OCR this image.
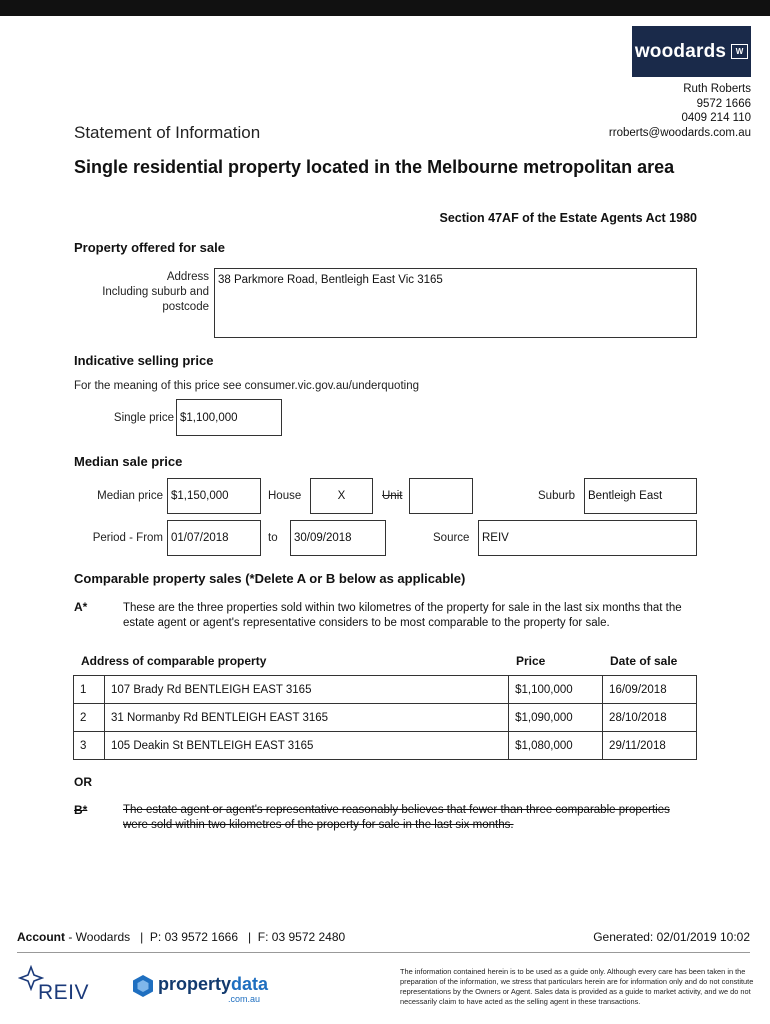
woodards	W
Ruth Roberts
9572 1666
0409 214 110
rroberts@woodards.com.au
Statement of Information
Single residential property located in the Melbourne metropolitan area
Section 47AF of the Estate Agents Act 1980
Property offered for sale
Address
Including suburb and
postcode
38 Parkmore Road, Bentleigh East Vic 3165
Indicative selling price
For the meaning of this price see consumer.vic.gov.au/underquoting
Single price $1,100,000
Median sale price
Median price $1,150,000	House	X	Unit	Suburb	Bentleigh East
Period - From 01/07/2018	to	30/09/2018	Source	REIV
Comparable property sales (*Delete A or B below as applicable)
A*	These are the three properties sold within two kilometres of the property for sale in the last six months that the estate agent or agent's representative considers to be most comparable to the property for sale.
Address of comparable property	Price	Date of sale
1	107 Brady Rd BENTLEIGH EAST 3165	$1,100,000	16/09/2018
2	31 Normanby Rd BENTLEIGH EAST 3165	$1,090,000	28/10/2018
3	105 Deakin St BENTLEIGH EAST 3165	$1,080,000	29/11/2018
OR
B*	The estate agent or agent's representative reasonably believes that fewer than three comparable properties were sold within two kilometres of the property for sale in the last six months.
Account - Woodards   |  P: 03 9572 1666   |  F: 03 9572 2480	Generated: 02/01/2019 10:02
REIV	propertydata
.com.au
The information contained herein is to be used as a guide only. Although every care has been taken in the preparation of the information, we stress that particulars herein are for information only and do not constitute representations by the Owners or Agent. Sales data is provided as a guide to market activity, and we do not necessarily claim to have acted as the selling agent in these transactions.
